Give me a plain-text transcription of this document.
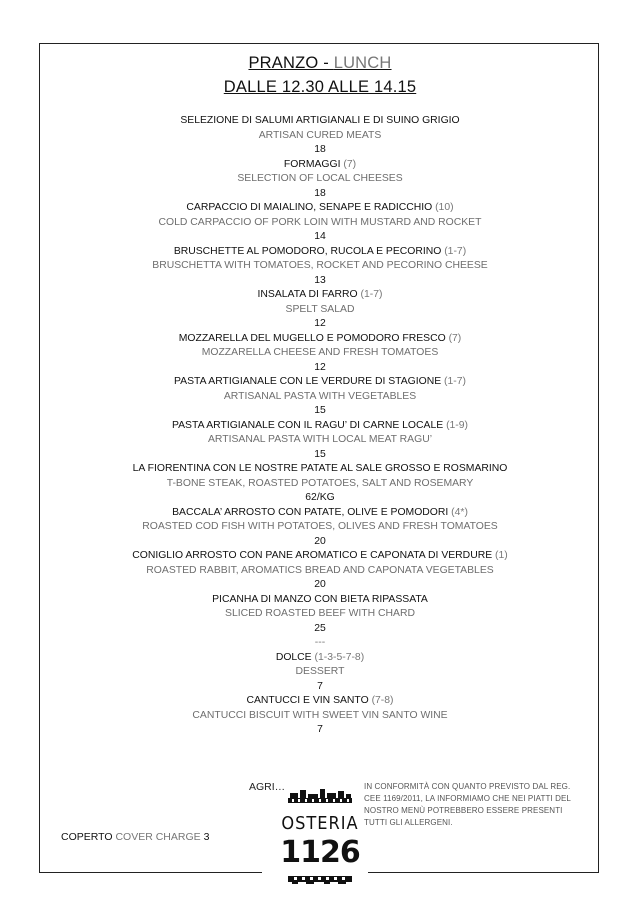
PRANZO - LUNCH
DALLE 12.30 ALLE 14.15
SELEZIONE DI SALUMI ARTIGIANALI E DI SUINO GRIGIO
ARTISAN CURED MEATS
18
FORMAGGI (7)
SELECTION OF LOCAL CHEESES
18
CARPACCIO DI MAIALINO, SENAPE E RADICCHIO (10)
COLD CARPACCIO OF PORK LOIN WITH MUSTARD AND ROCKET
14
BRUSCHETTE AL POMODORO, RUCOLA E PECORINO (1-7)
BRUSCHETTA WITH TOMATOES, ROCKET AND PECORINO CHEESE
13
INSALATA DI FARRO (1-7)
SPELT SALAD
12
MOZZARELLA DEL MUGELLO E POMODORO FRESCO (7)
MOZZARELLA CHEESE AND FRESH TOMATOES
12
PASTA ARTIGIANALE CON LE VERDURE DI STAGIONE (1-7)
ARTISANAL PASTA WITH VEGETABLES
15
PASTA ARTIGIANALE CON IL RAGU’ DI CARNE LOCALE (1-9)
ARTISANAL PASTA WITH LOCAL MEAT RAGU’
15
LA FIORENTINA CON LE NOSTRE PATATE AL SALE GROSSO E ROSMARINO
T-BONE STEAK, ROASTED POTATOES, SALT AND ROSEMARY
62/KG
BACCALA’ ARROSTO CON PATATE, OLIVE E POMODORI (4*)
ROASTED COD FISH WITH POTATOES, OLIVES AND FRESH TOMATOES
20
CONIGLIO ARROSTO CON PANE AROMATICO E CAPONATA DI VERDURE (1)
ROASTED RABBIT, AROMATICS BREAD AND CAPONATA VEGETABLES
20
PICANHA DI MANZO CON BIETA RIPASSATA
SLICED ROASTED BEEF WITH CHARD
25
---
DOLCE (1-3-5-7-8)
DESSERT
7
CANTUCCI E VIN SANTO (7-8)
CANTUCCI BISCUIT WITH SWEET VIN SANTO WINE
7
AGRI…
COPERTO COVER CHARGE 3
OSTERIA
1126
IN CONFORMITÀ CON QUANTO PREVISTO DAL REG. CEE 1169/2011, LA INFORMIAMO CHE NEI PIATTI DEL NOSTRO MENÙ POTREBBERO ESSERE PRESENTI TUTTI GLI ALLERGENI.
